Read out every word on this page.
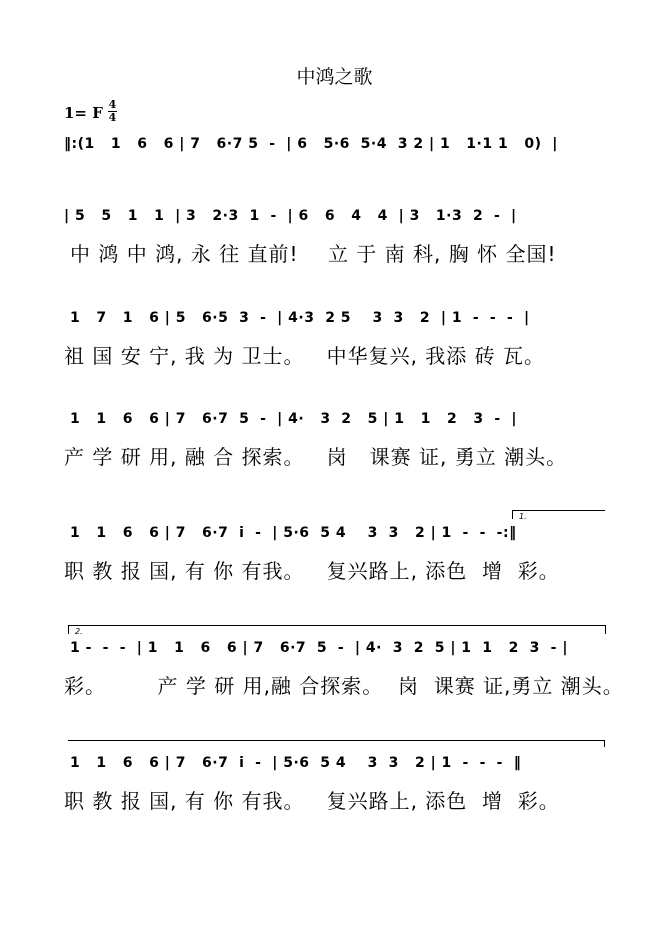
中鸿之歌
1= F 4
4
‖:(1   1   6   6 | 7   6·7 5  -  | 6   5·6  5·4  3 2 | 1   1·1 1   0)  |
| 5   5   1   1  | 3   2·3  1  -  | 6   6   4   4  | 3   1·3  2  -  |
中 鸿 中 鸿, 永 往 直前!    立 于 南 科, 胸 怀 全国!
1   7   1   6 | 5   6·5  3  -  | 4·3  2 5    3  3   2  | 1  -  -  -  |
祖 国 安 宁, 我 为 卫士。   中华复兴, 我添 砖 瓦。
1   1   6   6 | 7   6·7  5  -  | 4·   3  2   5 | 1   1   2   3  -  |
产 学 研 用, 融 合 探索。   岗   课赛 证, 勇立 潮头。
1.
1   1   6   6 | 7   6·7  i  -  | 5·6  5 4    3  3   2 | 1  -  -  -:‖
职 教 报 国, 有 你 有我。   复兴路上, 添色  增  彩。
2.
1 -  -  -  | 1   1   6   6 | 7   6·7  5  -  | 4·  3  2  5 | 1  1   2  3  - |
彩。       产 学 研 用,融 合探索。  岗  课赛 证,勇立 潮头。
1   1   6   6 | 7   6·7  i  -  | 5·6  5 4    3  3   2 | 1  -  -  -  ‖
职 教 报 国, 有 你 有我。   复兴路上, 添色  增  彩。
